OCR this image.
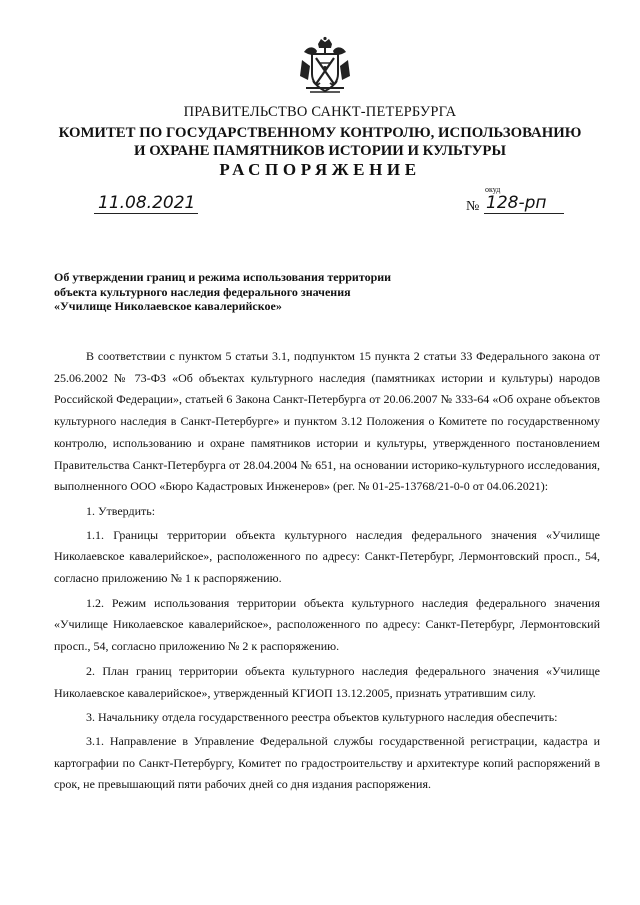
ПРАВИТЕЛЬСТВО САНКТ-ПЕТЕРБУРГА
КОМИТЕТ ПО ГОСУДАРСТВЕННОМУ КОНТРОЛЮ, ИСПОЛЬЗОВАНИЮ
И ОХРАНЕ ПАМЯТНИКОВ ИСТОРИИ И КУЛЬТУРЫ
РАСПОРЯЖЕНИЕ
11.08.2021
окуд
№ 128-рп
Об утверждении границ и режима использования территории
объекта культурного наследия федерального значения
«Училище Николаевское кавалерийское»

В соответствии с пунктом 5 статьи 3.1, подпунктом 15 пункта 2 статьи 33 Федерального закона от 25.06.2002 № 73-ФЗ «Об объектах культурного наследия (памятниках истории и культуры) народов Российской Федерации», статьей 6 Закона Санкт-Петербурга от 20.06.2007 № 333-64 «Об охране объектов культурного наследия в Санкт-Петербурге» и пунктом 3.12 Положения о Комитете по государственному контролю, использованию и охране памятников истории и культуры, утвержденного постановлением Правительства Санкт-Петербурга от 28.04.2004 № 651, на основании историко-культурного исследования, выполненного ООО «Бюро Кадастровых Инженеров» (рег. № 01-25-13768/21-0-0 от 04.06.2021):

1. Утвердить:

1.1. Границы территории объекта культурного наследия федерального значения «Училище Николаевское кавалерийское», расположенного по адресу: Санкт-Петербург, Лермонтовский просп., 54, согласно приложению № 1 к распоряжению.

1.2. Режим использования территории объекта культурного наследия федерального значения «Училище Николаевское кавалерийское», расположенного по адресу: Санкт-Петербург, Лермонтовский просп., 54, согласно приложению № 2 к распоряжению.

2. План границ территории объекта культурного наследия федерального значения «Училище Николаевское кавалерийское», утвержденный КГИОП 13.12.2005, признать утратившим силу.

3. Начальнику отдела государственного реестра объектов культурного наследия обеспечить:

3.1. Направление в Управление Федеральной службы государственной регистрации, кадастра и картографии по Санкт-Петербургу, Комитет по градостроительству и архитектуре копий распоряжений в срок, не превышающий пяти рабочих дней со дня издания распоряжения.
